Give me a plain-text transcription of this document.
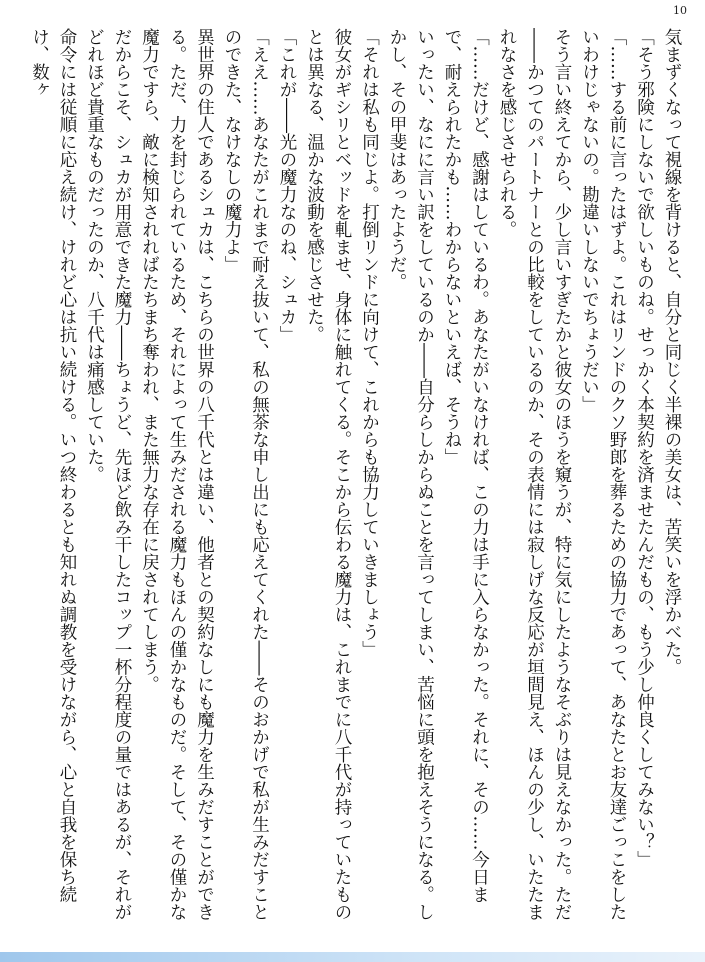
10

気まずくなって視線を背けると、自分と同じく半裸の美女は、苦笑いを浮かべた。

「そう邪険にしないで欲しいものね。せっかく本契約を済ませたんだもの、もう少し仲良くしてみない？」

「……する前に言ったはずよ。これはリンドのクソ野郎を葬るための協力であって、あなたとお友達ごっこをしたいわけじゃないの。勘違いしないでちょうだい」

そう言い終えてから、少し言いすぎたかと彼女のほうを窺うが、特に気にしたようなそぶりは見えなかった。ただ――かつてのパートナーとの比較をしているのか、その表情には寂しげな反応が垣間見え、ほんの少し、いたたまれなさを感じさせられる。

「……だけど、感謝はしているわ。あなたがいなければ、この力は手に入らなかった。それに、その……今日まで、耐えられたかも……わからないといえば、そうね」

いったい、なにに言い訳をしているのか――自分らしからぬことを言ってしまい、苦悩に頭を抱えそうになる。しかし、その甲斐はあったようだ。

「それは私も同じよ。打倒リンドに向けて、これからも協力していきましょう」

彼女がギシリとベッドを軋ませ、身体に触れてくる。そこから伝わる魔力は、これまでに八千代が持っていたものとは異なる、温かな波動を感じさせた。

「これが――光の魔力なのね、シュカ」

「ええ……あなたがこれまで耐え抜いて、私の無茶な申し出にも応えてくれた――そのおかげで私が生みだすことのできた、なけなしの魔力よ」

異世界の住人であるシュカは、こちらの世界の八千代とは違い、他者との契約なしにも魔力を生みだすことができる。ただ、力を封じられているため、それによって生みだされる魔力もほんの僅かなものだ。そして、その僅かな魔力ですら、敵に検知されればたちまち奪われ、また無力な存在に戻されてしまう。

だからこそ、シュカが用意できた魔力――ちょうど、先ほど飲み干したコップ一杯分程度の量ではあるが、それがどれほど貴重なものだったのか、八千代は痛感していた。

命令には従順に応え続け、けれど心は抗い続ける。いつ終わるとも知れぬ調教を受けながら、心と自我を保ち続け、数ヶ
